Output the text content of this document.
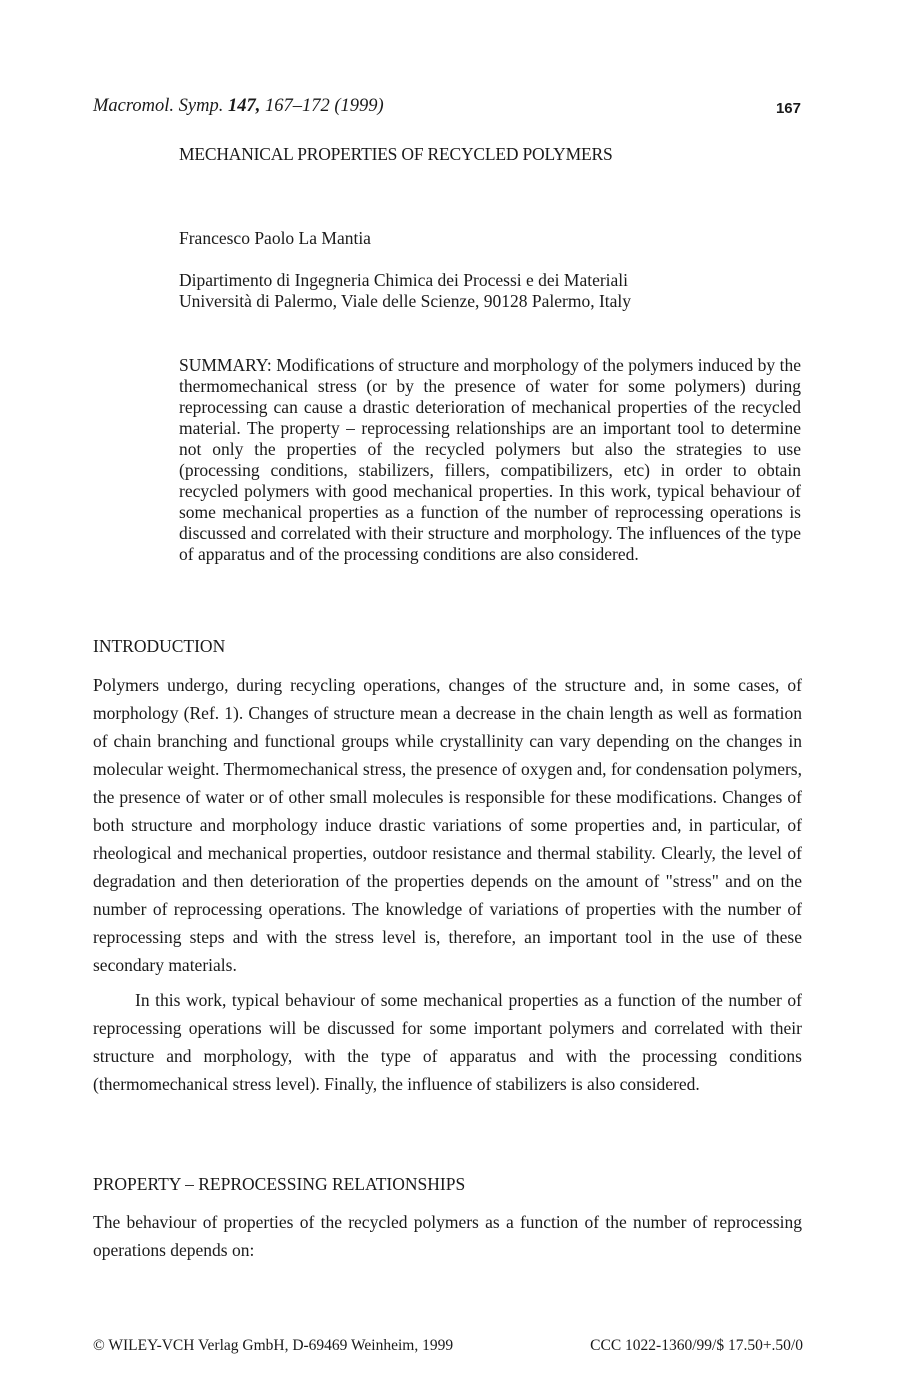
Macromol. Symp. 147, 167–172 (1999)	167
MECHANICAL PROPERTIES OF RECYCLED POLYMERS
Francesco Paolo La Mantia
Dipartimento di Ingegneria Chimica dei Processi e dei Materiali
Università di Palermo, Viale delle Scienze, 90128 Palermo, Italy
SUMMARY: Modifications of structure and morphology of the polymers induced by the thermomechanical stress (or by the presence of water for some polymers) during reprocessing can cause a drastic deterioration of mechanical properties of the recycled material. The property – reprocessing relationships are an important tool to determine not only the properties of the recycled polymers but also the strategies to use (processing conditions, stabilizers, fillers, compatibilizers, etc) in order to obtain recycled polymers with good mechanical properties. In this work, typical behaviour of some mechanical properties as a function of the number of reprocessing operations is discussed and correlated with their structure and morphology. The influences of the type of apparatus and of the processing conditions are also considered.
INTRODUCTION
Polymers undergo, during recycling operations, changes of the structure and, in some cases, of morphology (Ref. 1). Changes of structure mean a decrease in the chain length as well as formation of chain branching and functional groups while crystallinity can vary depending on the changes in molecular weight. Thermomechanical stress, the presence of oxygen and, for condensation polymers, the presence of water or of other small molecules is responsible for these modifications. Changes of both structure and morphology induce drastic variations of some properties and, in particular, of rheological and mechanical properties, outdoor resistance and thermal stability. Clearly, the level of degradation and then deterioration of the properties depends on the amount of "stress" and on the number of reprocessing operations. The knowledge of variations of properties with the number of reprocessing steps and with the stress level is, therefore, an important tool in the use of these secondary materials.
In this work, typical behaviour of some mechanical properties as a function of the number of reprocessing operations will be discussed for some important polymers and correlated with their structure and morphology, with the type of apparatus and with the processing conditions (thermomechanical stress level). Finally, the influence of stabilizers is also considered.
PROPERTY – REPROCESSING RELATIONSHIPS
The behaviour of properties of the recycled polymers as a function of the number of reprocessing operations depends on:
© WILEY-VCH Verlag GmbH, D-69469 Weinheim, 1999	CCC 1022-1360/99/$ 17.50+.50/0
